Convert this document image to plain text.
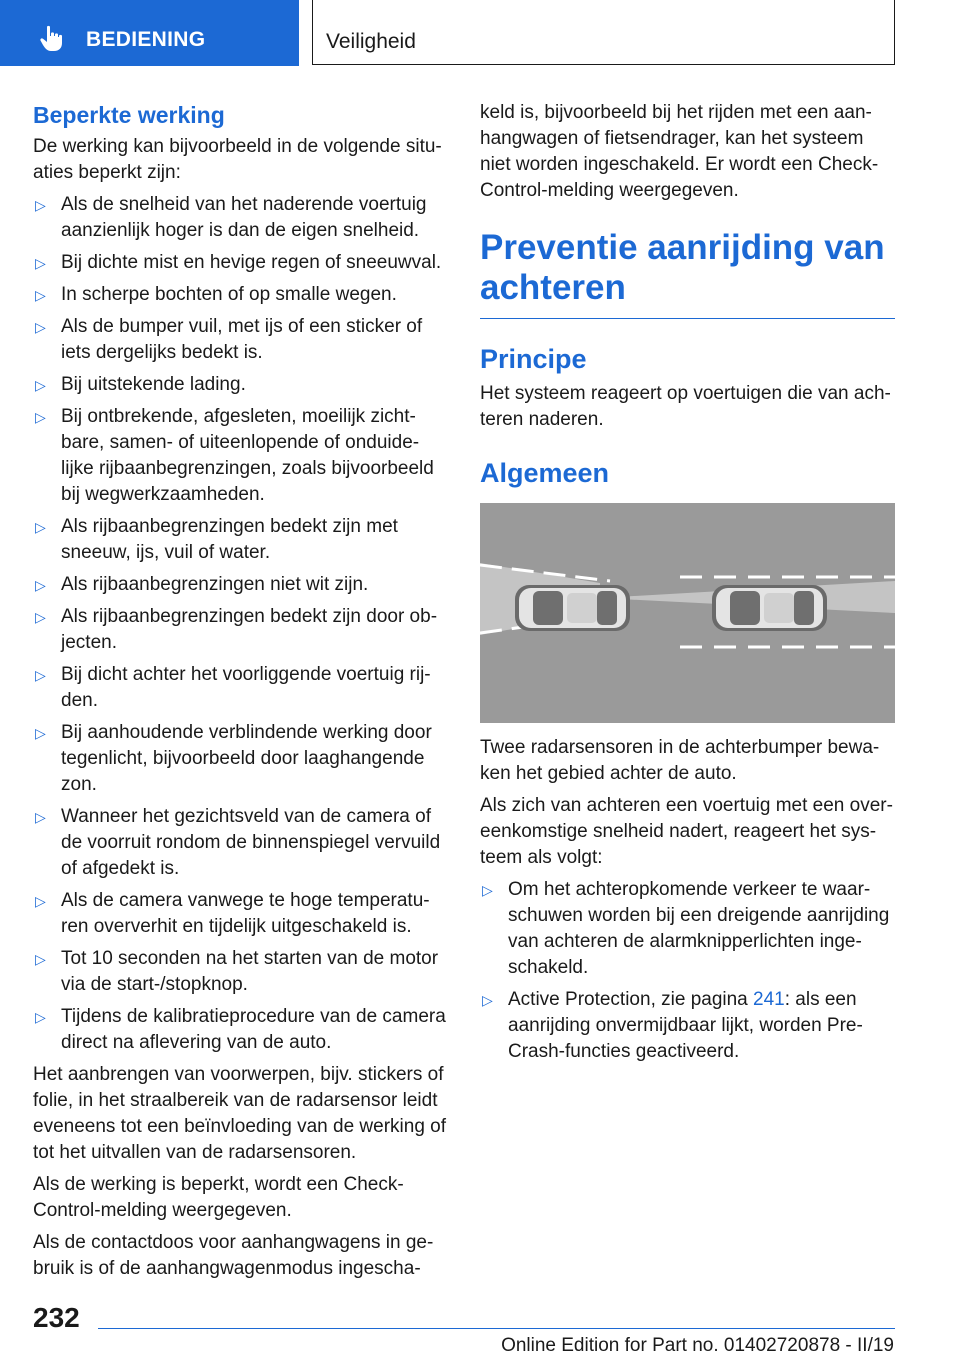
BEDIENING	Veiligheid
Beperkte werking

De werking kan bijvoorbeeld in de volgende situ‐aties beperkt zijn:

▷ Als de snelheid van het naderende voertuig aanzienlijk hoger is dan de eigen snelheid.
▷ Bij dichte mist en hevige regen of sneeuwval.
▷ In scherpe bochten of op smalle wegen.
▷ Als de bumper vuil, met ijs of een sticker of iets dergelijks bedekt is.
▷ Bij uitstekende lading.
▷ Bij ontbrekende, afgesleten, moeilijk zicht‐bare, samen- of uiteenlopende of onduide‐lijke rijbaanbegrenzingen, zoals bijvoorbeeld bij wegwerkzaamheden.
▷ Als rijbaanbegrenzingen bedekt zijn met sneeuw, ijs, vuil of water.
▷ Als rijbaanbegrenzingen niet wit zijn.
▷ Als rijbaanbegrenzingen bedekt zijn door ob‐jecten.
▷ Bij dicht achter het voorliggende voertuig rij‐den.
▷ Bij aanhoudende verblindende werking door tegenlicht, bijvoorbeeld door laaghangende zon.
▷ Wanneer het gezichtsveld van de camera of de voorruit rondom de binnenspiegel vervuild of afgedekt is.
▷ Als de camera vanwege te hoge temperatu‐ren oververhit en tijdelijk uitgeschakeld is.
▷ Tot 10 seconden na het starten van de motor via de start-/stopknop.
▷ Tijdens de kalibratieprocedure van de camera direct na aflevering van de auto.

Het aanbrengen van voorwerpen, bijv. stickers of folie, in het straalbereik van de radarsensor leidt eveneens tot een beïnvloeding van de werking of tot het uitvallen van de radarsensoren.

Als de werking is beperkt, wordt een Check-Control-melding weergegeven.

Als de contactdoos voor aanhangwagens in ge‐bruik is of de aanhangwagenmodus ingescha‐

keld is, bijvoorbeeld bij het rijden met een aan‐hangwagen of fietsendrager, kan het systeem niet worden ingeschakeld. Er wordt een Check-Control-melding weergegeven.

Preventie aanrijding van achteren
Principe

Het systeem reageert op voertuigen die van ach‐teren naderen.

Algemeen

Twee radarsensoren in de achterbumper bewa‐ken het gebied achter de auto.

Als zich van achteren een voertuig met een over‐eenkomstige snelheid nadert, reageert het sys‐teem als volgt:

▷ Om het achteropkomende verkeer te waar‐schuwen worden bij een dreigende aanrijding van achteren de alarmknipperlichten inge‐schakeld.
▷ Active Protection, zie pagina 241: als een aanrijding onvermijdbaar lijkt, worden Pre-Crash-functies geactiveerd.
232
Online Edition for Part no. 01402720878 - II/19
